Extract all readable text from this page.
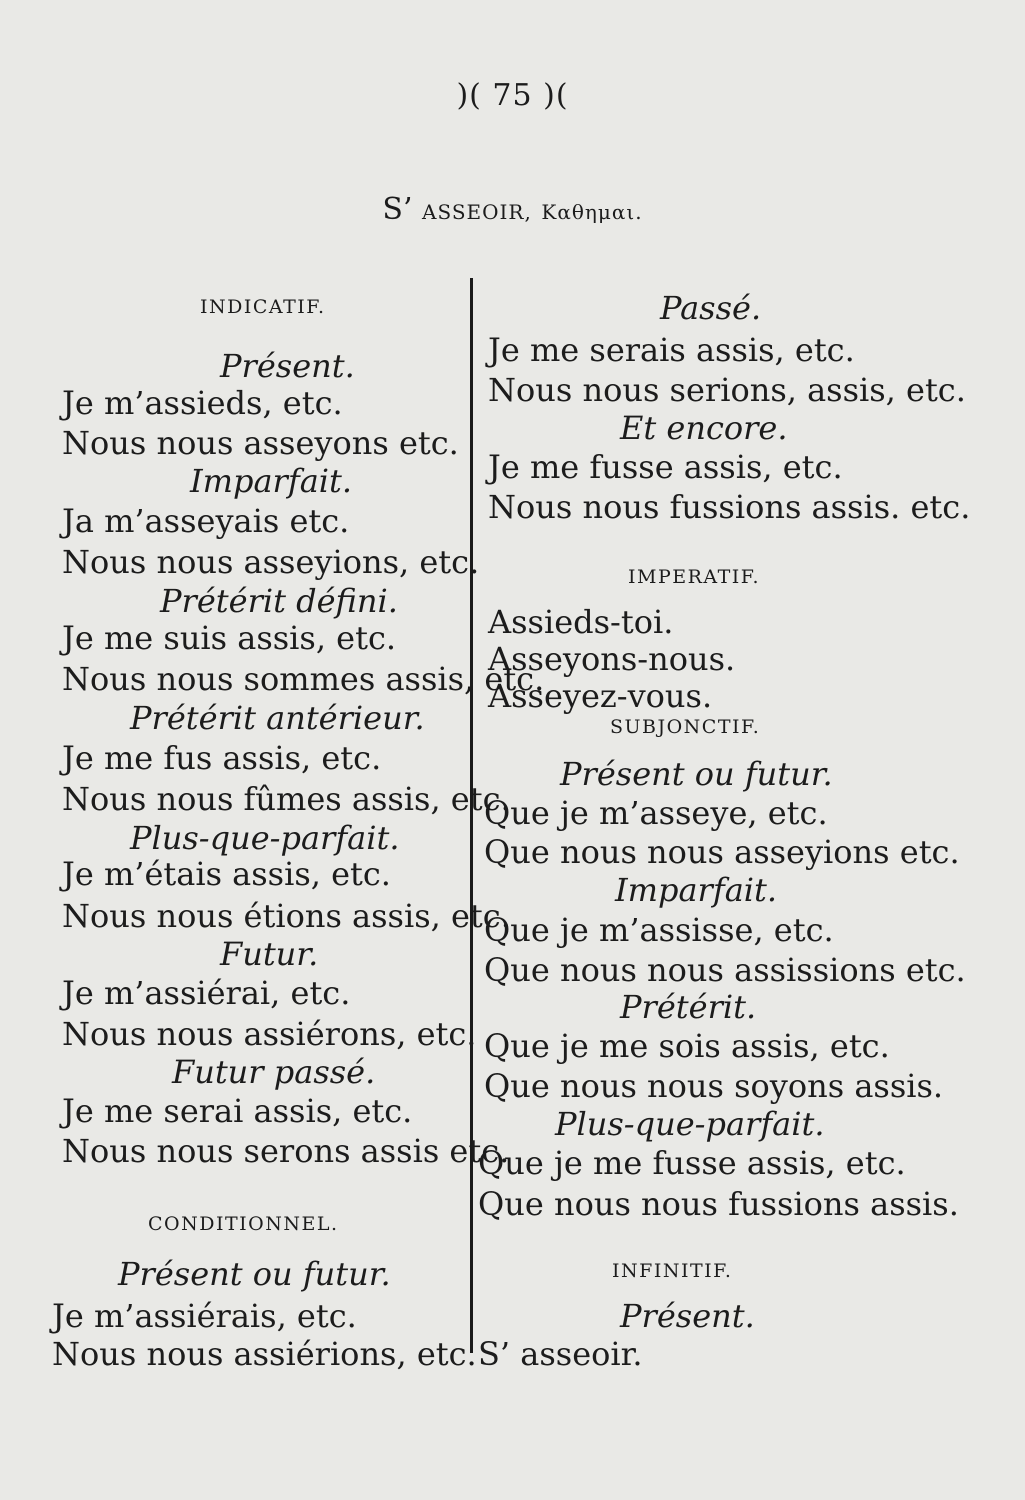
)( 75 )(
S’ ASSEOIR, Καθημαι.
INDICATIF.
Présent.
Je m’assieds, etc.
Nous nous asseyons etc.
Imparfait.
Ja m’asseyais etc.
Nous nous asseyions, etc.
Prétérit défini.
Je me suis assis, etc.
Nous nous sommes assis, etc.
Prétérit antérieur.
Je me fus assis, etc.
Nous nous fûmes assis, etc.
Plus-que-parfait.
Je m’étais assis, etc.
Nous nous étions assis, etc.
Futur.
Je m’assiérai, etc.
Nous nous assiérons, etc.
Futur passé.
Je me serai assis, etc.
Nous nous serons assis etc.
CONDITIONNEL.
Présent ou futur.
Je m’assiérais, etc.
Nous nous assiérions, etc.
Passé.
Je me serais assis, etc.
Nous nous serions, assis, etc.
Et encore.
Je me fusse assis, etc.
Nous nous fussions assis. etc.
IMPERATIF.
Assieds-toi.
Asseyons-nous.
Asseyez-vous.
SUBJONCTIF.
Présent ou futur.
Que je m’asseye, etc.
Que nous nous asseyions etc.
Imparfait.
Que je m’assisse, etc.
Que nous nous assissions etc.
Prétérit.
Que je me sois assis, etc.
Que nous nous soyons assis.
Plus-que-parfait.
Que je me fusse assis, etc.
Que nous nous fussions assis.
INFINITIF.
Présent.
S’ asseoir.
